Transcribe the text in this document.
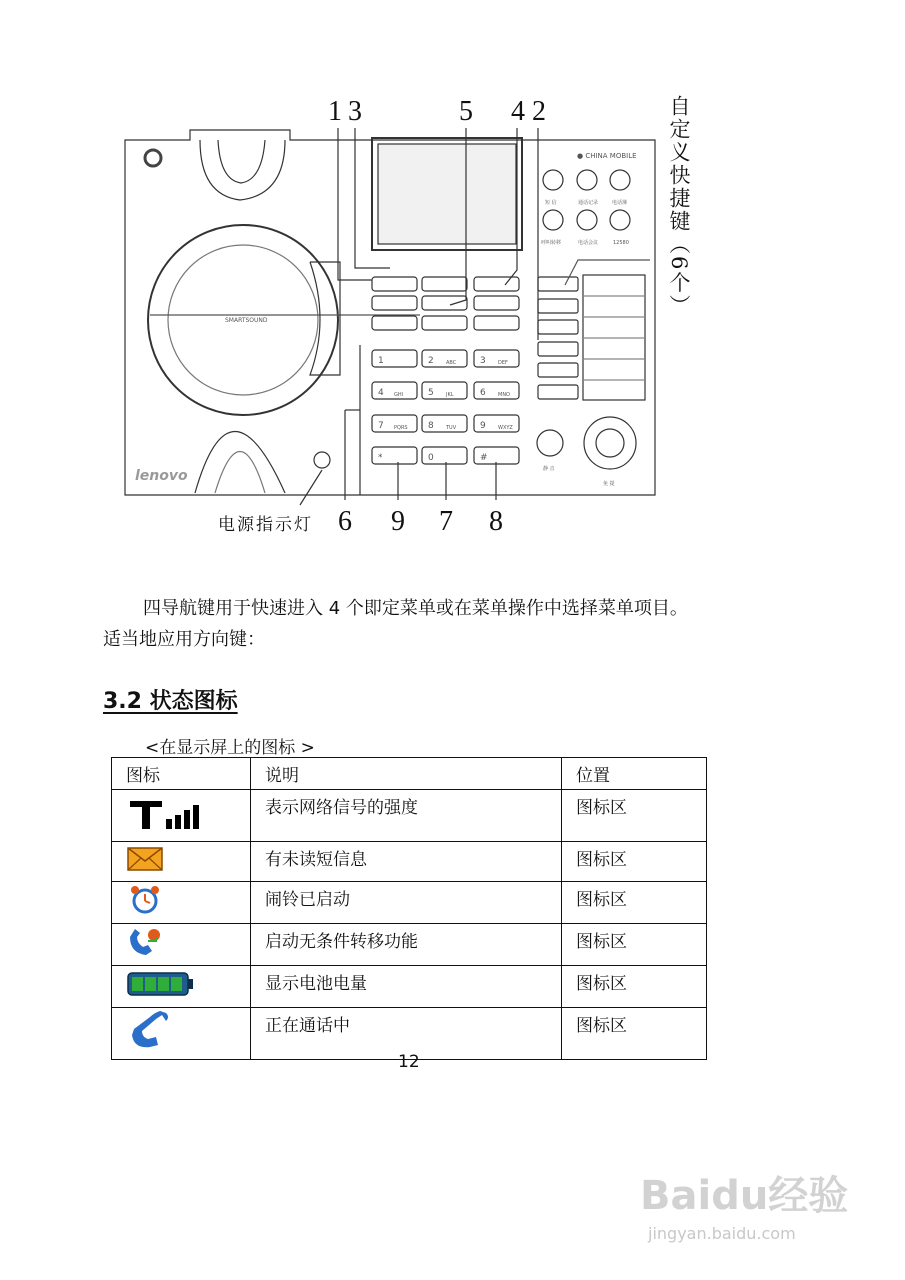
SMARTSOUND
lenovo
● CHINA MOBILE
短 信	通话记录	电话簿
呼叫转移	电话会议	12580
静 音
免 提
1	2 ABC	3 DEF
4 GHI	5 JKL	6 MNO
7 PQRS 8 TUV	9 WXYZ
*	0	#
1 3	5 4 2
6 9 7 8
自定义快捷键（6个）
电源指示灯
四导航键用于快速进入 4 个即定菜单或在菜单操作中选择菜单项目。适当地应用方向键：
3.2 状态图标
<在显示屏上的图标 >
图标	说明	位置
	表示网络信号的强度	图标区
	有未读短信息	图标区
	闹铃已启动	图标区
	启动无条件转移功能	图标区
	显示电池电量	图标区
	正在通话中	图标区
12
Baidu经验
jingyan.baidu.com
